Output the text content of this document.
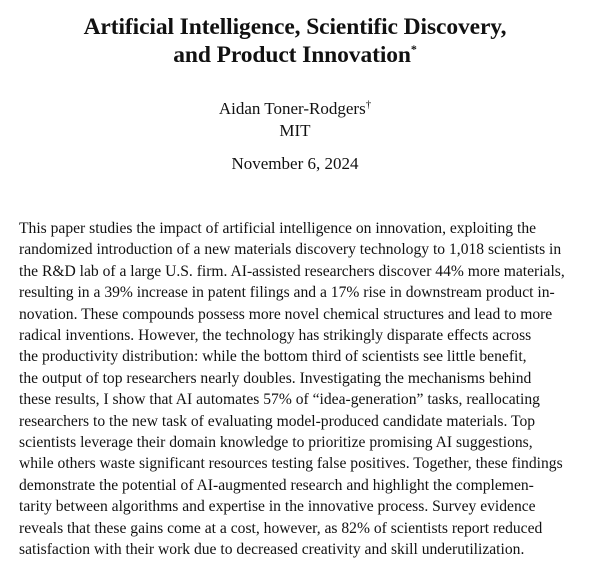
Artificial Intelligence, Scientific Discovery,
and Product Innovation*
Aidan Toner-Rodgers†
MIT
November 6, 2024
This paper studies the impact of artificial intelligence on innovation, exploiting the
randomized introduction of a new materials discovery technology to 1,018 scientists in
the R&D lab of a large U.S. firm. AI-assisted researchers discover 44% more materials,
resulting in a 39% increase in patent filings and a 17% rise in downstream product in-
novation. These compounds possess more novel chemical structures and lead to more
radical inventions. However, the technology has strikingly disparate effects across
the productivity distribution: while the bottom third of scientists see little benefit,
the output of top researchers nearly doubles. Investigating the mechanisms behind
these results, I show that AI automates 57% of “idea-generation” tasks, reallocating
researchers to the new task of evaluating model-produced candidate materials. Top
scientists leverage their domain knowledge to prioritize promising AI suggestions,
while others waste significant resources testing false positives. Together, these findings
demonstrate the potential of AI-augmented research and highlight the complemen-
tarity between algorithms and expertise in the innovative process. Survey evidence
reveals that these gains come at a cost, however, as 82% of scientists report reduced
satisfaction with their work due to decreased creativity and skill underutilization.
